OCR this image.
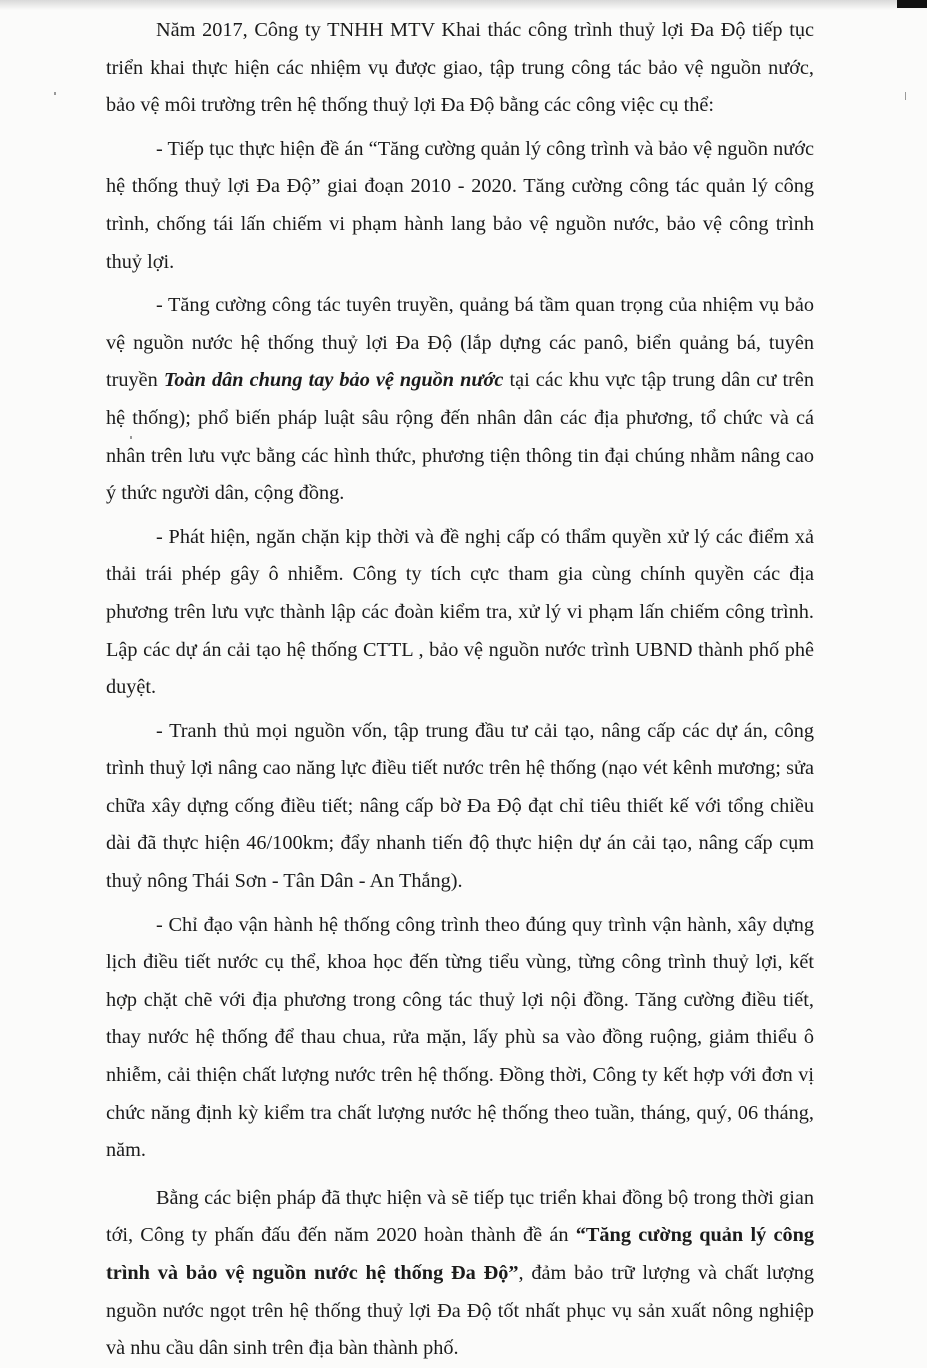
Năm 2017, Công ty TNHH MTV Khai thác công trình thuỷ lợi Đa Độ tiếp tục triển khai thực hiện các nhiệm vụ được giao, tập trung công tác bảo vệ nguồn nước, bảo vệ môi trường trên hệ thống thuỷ lợi Đa Độ bằng các công việc cụ thể:

- Tiếp tục thực hiện đề án “Tăng cường quản lý công trình và bảo vệ nguồn nước hệ thống thuỷ lợi Đa Độ” giai đoạn 2010 - 2020. Tăng cường công tác quản lý công trình, chống tái lấn chiếm vi phạm hành lang bảo vệ nguồn nước, bảo vệ công trình thuỷ lợi.

- Tăng cường công tác tuyên truyền, quảng bá tầm quan trọng của nhiệm vụ bảo vệ nguồn nước hệ thống thuỷ lợi Đa Độ (lắp dựng các panô, biển quảng bá, tuyên truyền Toàn dân chung tay bảo vệ nguồn nước tại các khu vực tập trung dân cư trên hệ thống); phổ biến pháp luật sâu rộng đến nhân dân các địa phương, tổ chức và cá nhân trên lưu vực bằng các hình thức, phương tiện thông tin đại chúng nhằm nâng cao ý thức người dân, cộng đồng.

- Phát hiện, ngăn chặn kịp thời và đề nghị cấp có thẩm quyền xử lý các điểm xả thải trái phép gây ô nhiễm. Công ty tích cực tham gia cùng chính quyền các địa phương trên lưu vực thành lập các đoàn kiểm tra, xử lý vi phạm lấn chiếm công trình. Lập các dự án cải tạo hệ thống CTTL , bảo vệ nguồn nước trình UBND thành phố phê duyệt.

- Tranh thủ mọi nguồn vốn, tập trung đầu tư cải tạo, nâng cấp các dự án, công trình thuỷ lợi nâng cao năng lực điều tiết nước trên hệ thống (nạo vét kênh mương; sửa chữa xây dựng cống điều tiết; nâng cấp bờ Đa Độ đạt chỉ tiêu thiết kế với tổng chiều dài đã thực hiện 46/100km; đẩy nhanh tiến độ thực hiện dự án cải tạo, nâng cấp cụm thuỷ nông Thái Sơn - Tân Dân - An Thắng).

- Chỉ đạo vận hành hệ thống công trình theo đúng quy trình vận hành, xây dựng lịch điều tiết nước cụ thể, khoa học đến từng tiểu vùng, từng công trình thuỷ lợi, kết hợp chặt chẽ với địa phương trong công tác thuỷ lợi nội đồng. Tăng cường điều tiết, thay nước hệ thống để thau chua, rửa mặn, lấy phù sa vào đồng ruộng, giảm thiểu ô nhiễm, cải thiện chất lượng nước trên hệ thống. Đồng thời, Công ty kết hợp với đơn vị chức năng định kỳ kiểm tra chất lượng nước hệ thống theo tuần, tháng, quý, 06 tháng, năm.

Bằng các biện pháp đã thực hiện và sẽ tiếp tục triển khai đồng bộ trong thời gian tới, Công ty phấn đấu đến năm 2020 hoàn thành đề án “Tăng cường quản lý công trình và bảo vệ nguồn nước hệ thống Đa Độ”, đảm bảo trữ lượng và chất lượng nguồn nước ngọt trên hệ thống thuỷ lợi Đa Độ tốt nhất phục vụ sản xuất nông nghiệp và nhu cầu dân sinh trên địa bàn thành phố.
